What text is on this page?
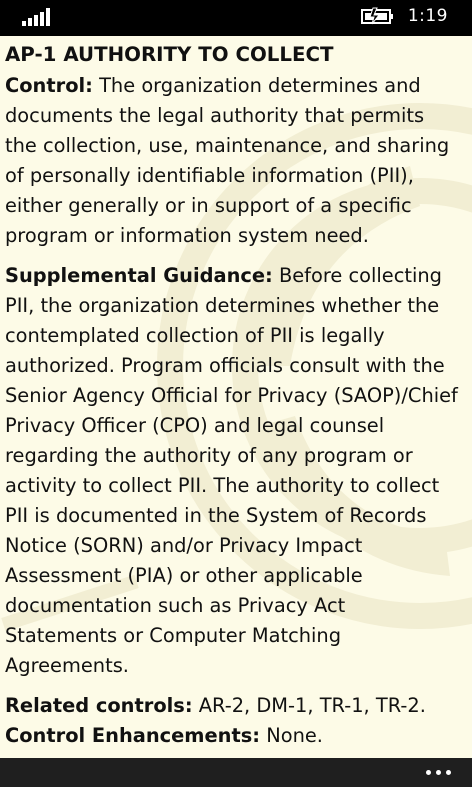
1:19
AP-1 AUTHORITY TO COLLECT

Control: The organization determines and documents the legal authority that permits the collection, use, maintenance, and sharing of personally identifiable information (PII), either generally or in support of a specific program or information system need.

Supplemental Guidance: Before collecting PII, the organization determines whether the contemplated collection of PII is legally authorized. Program officials consult with the Senior Agency Official for Privacy (SAOP)/Chief Privacy Officer (CPO) and legal counsel regarding the authority of any program or activity to collect PII. The authority to collect PII is documented in the System of Records Notice (SORN) and/or Privacy Impact Assessment (PIA) or other applicable documentation such as Privacy Act Statements or Computer Matching Agreements.

Related controls: AR-2, DM-1, TR-1, TR-2.

Control Enhancements: None.
